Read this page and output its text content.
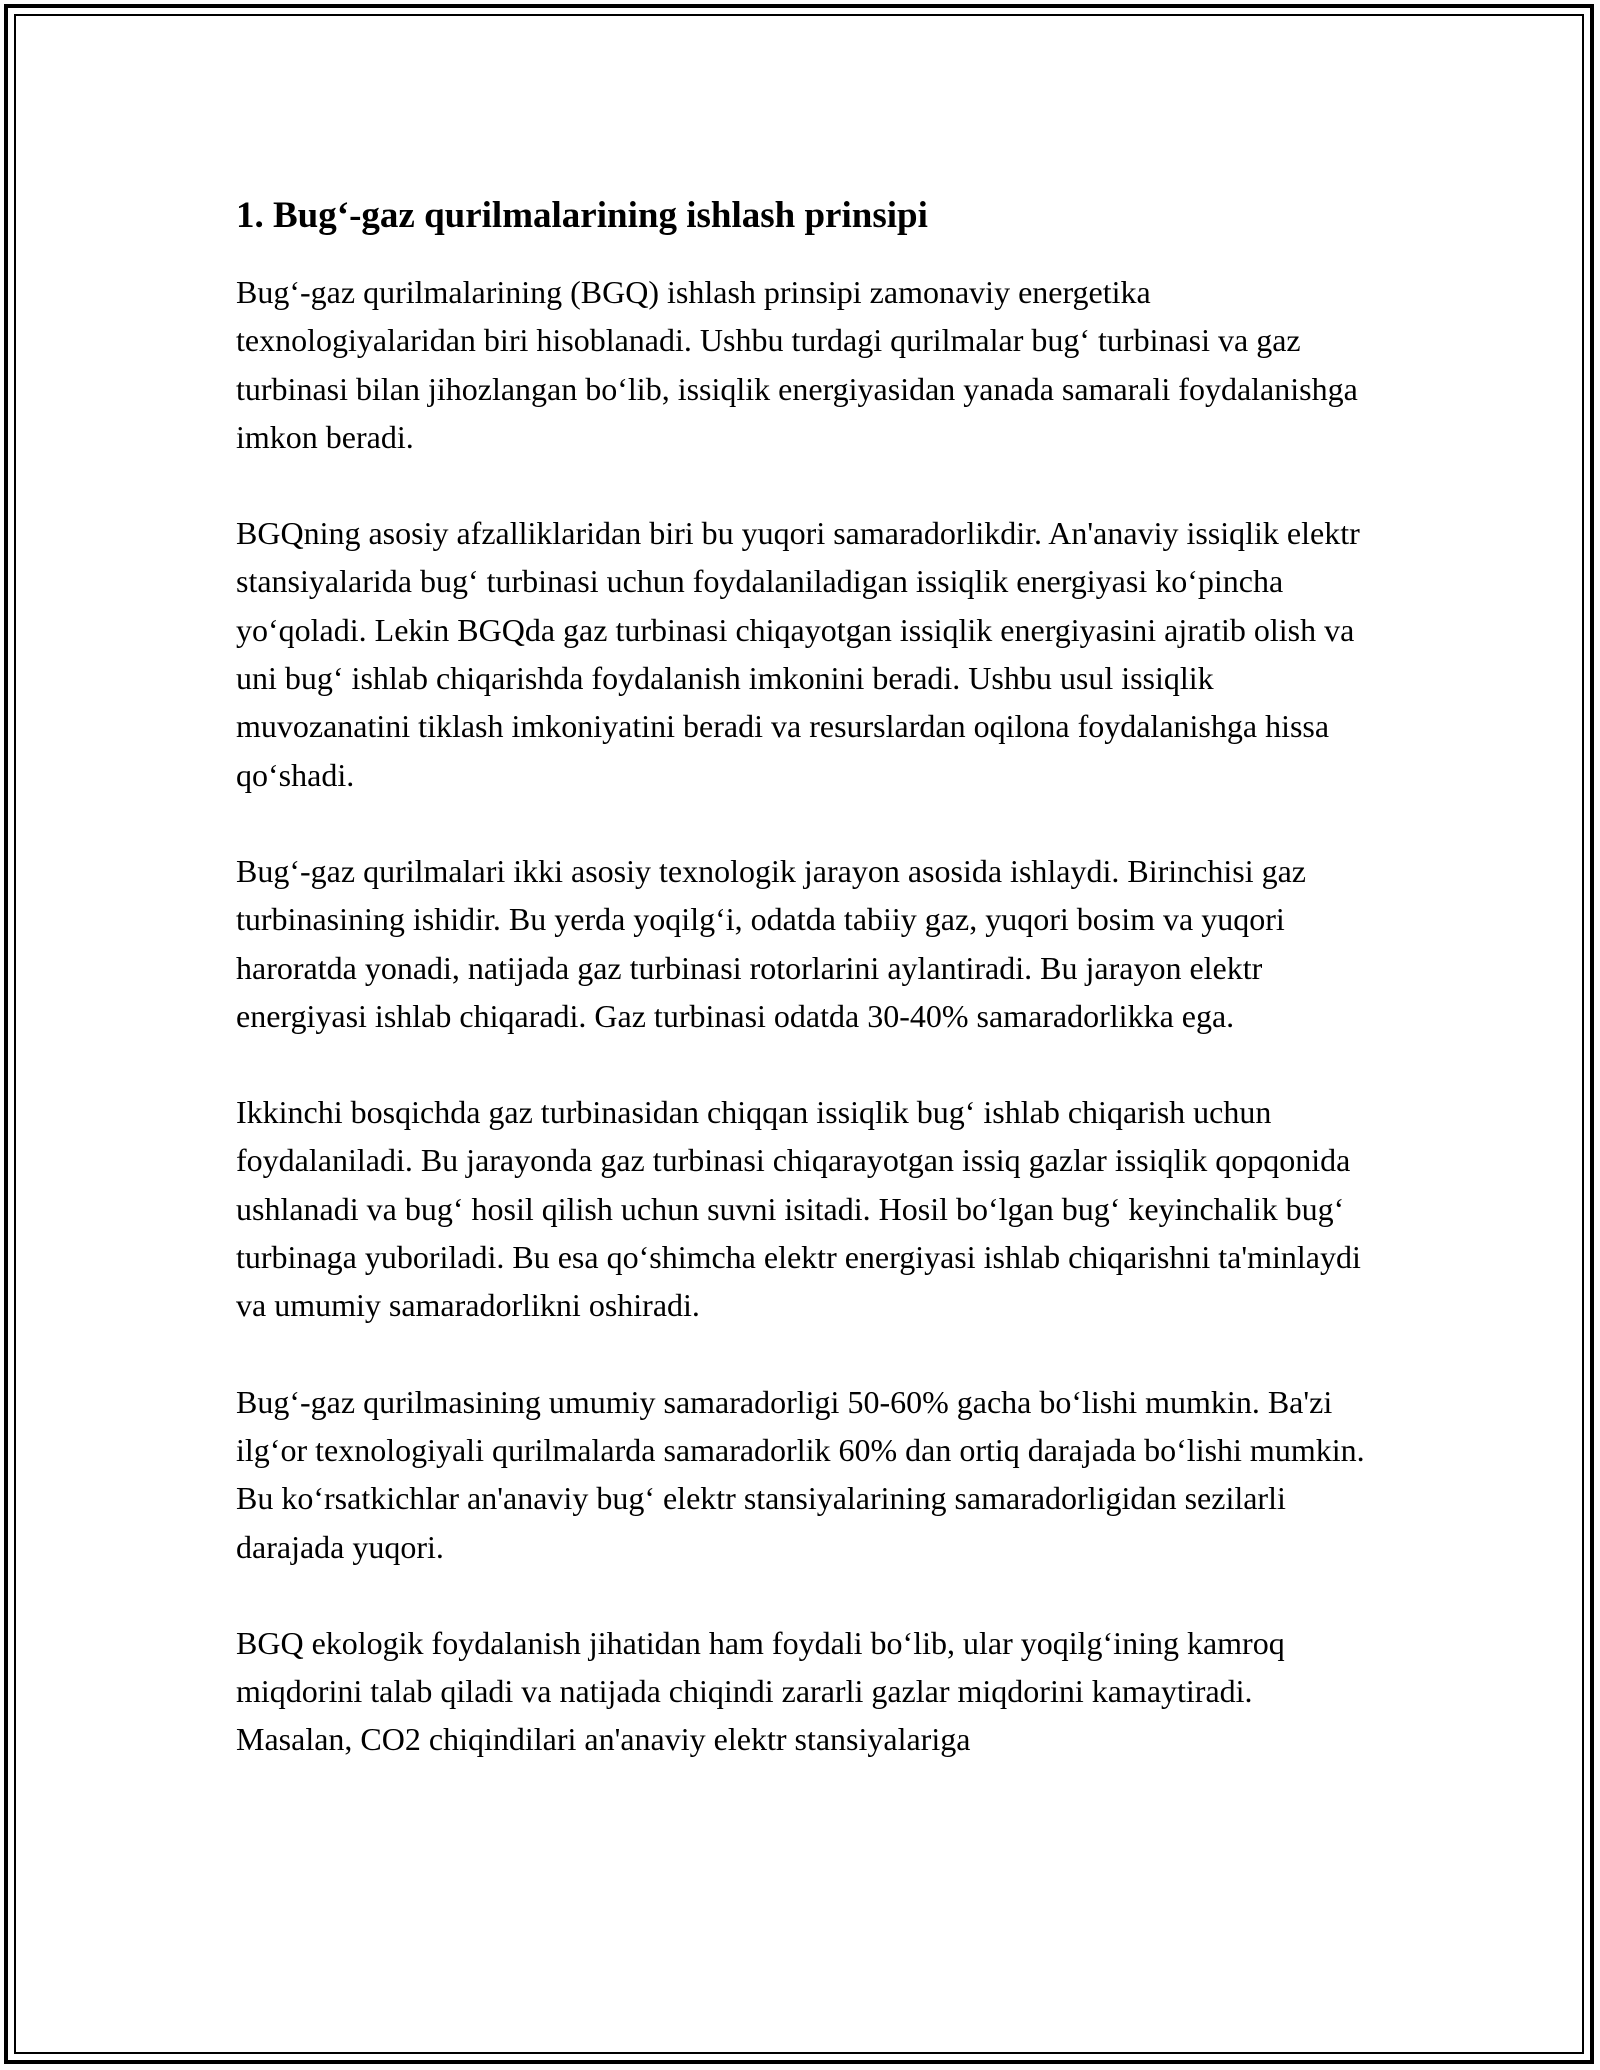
1. Bug‘-gaz qurilmalarining ishlash prinsipi

Bug‘-gaz qurilmalarining (BGQ) ishlash prinsipi zamonaviy energetika texnologiyalaridan biri hisoblanadi. Ushbu turdagi qurilmalar bug‘ turbinasi va gaz turbinasi bilan jihozlangan bo‘lib, issiqlik energiyasidan yanada samarali foydalanishga imkon beradi.

BGQning asosiy afzalliklaridan biri bu yuqori samaradorlikdir. An'anaviy issiqlik elektr stansiyalarida bug‘ turbinasi uchun foydalaniladigan issiqlik energiyasi ko‘pincha yo‘qoladi. Lekin BGQda gaz turbinasi chiqayotgan issiqlik energiyasini ajratib olish va uni bug‘ ishlab chiqarishda foydalanish imkonini beradi. Ushbu usul issiqlik muvozanatini tiklash imkoniyatini beradi va resurslardan oqilona foydalanishga hissa qo‘shadi.

Bug‘-gaz qurilmalari ikki asosiy texnologik jarayon asosida ishlaydi. Birinchisi gaz turbinasining ishidir. Bu yerda yoqilg‘i, odatda tabiiy gaz, yuqori bosim va yuqori haroratda yonadi, natijada gaz turbinasi rotorlarini aylantiradi. Bu jarayon elektr energiyasi ishlab chiqaradi. Gaz turbinasi odatda 30-40% samaradorlikka ega.

Ikkinchi bosqichda gaz turbinasidan chiqqan issiqlik bug‘ ishlab chiqarish uchun foydalaniladi. Bu jarayonda gaz turbinasi chiqarayotgan issiq gazlar issiqlik qopqonida ushlanadi va bug‘ hosil qilish uchun suvni isitadi. Hosil bo‘lgan bug‘ keyinchalik bug‘ turbinaga yuboriladi. Bu esa qo‘shimcha elektr energiyasi ishlab chiqarishni ta'minlaydi va umumiy samaradorlikni oshiradi.

Bug‘-gaz qurilmasining umumiy samaradorligi 50-60% gacha bo‘lishi mumkin. Ba'zi ilg‘or texnologiyali qurilmalarda samaradorlik 60% dan ortiq darajada bo‘lishi mumkin. Bu ko‘rsatkichlar an'anaviy bug‘ elektr stansiyalarining samaradorligidan sezilarli darajada yuqori.

BGQ ekologik foydalanish jihatidan ham foydali bo‘lib, ular yoqilg‘ining kamroq miqdorini talab qiladi va natijada chiqindi zararli gazlar miqdorini kamaytiradi. Masalan, CO2 chiqindilari an'anaviy elektr stansiyalariga
